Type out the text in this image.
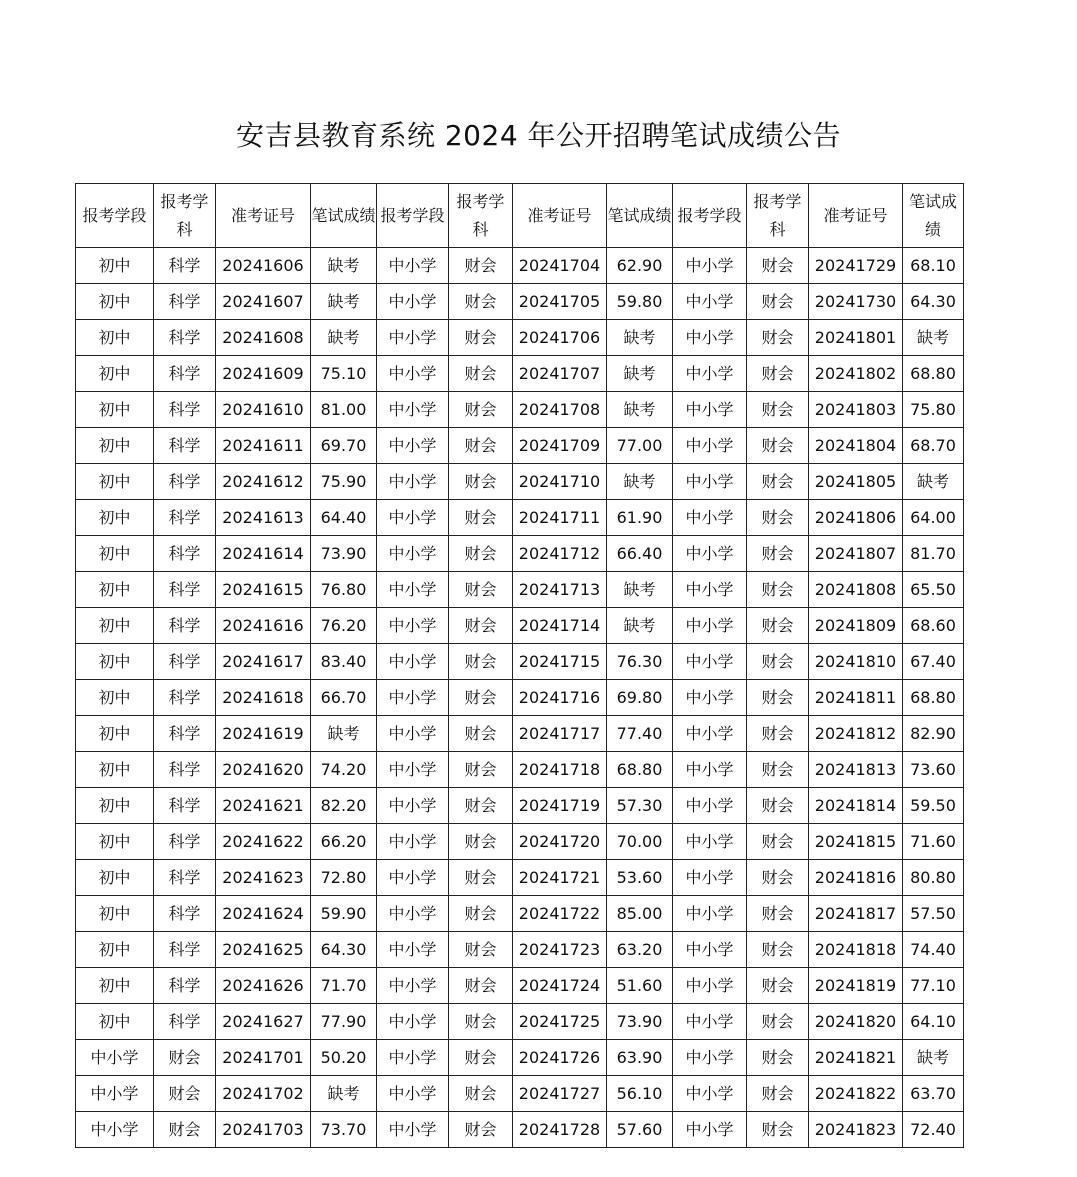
安吉县教育系统 2024 年公开招聘笔试成绩公告
报考学段	报考学科	准考证号	笔试成绩	报考学段	报考学科	准考证号	笔试成绩	报考学段	报考学科	准考证号	笔试成绩
初中	科学	20241606	缺考	中小学	财会	20241704	62.90	中小学	财会	20241729	68.10
初中	科学	20241607	缺考	中小学	财会	20241705	59.80	中小学	财会	20241730	64.30
初中	科学	20241608	缺考	中小学	财会	20241706	缺考	中小学	财会	20241801	缺考
初中	科学	20241609	75.10	中小学	财会	20241707	缺考	中小学	财会	20241802	68.80
初中	科学	20241610	81.00	中小学	财会	20241708	缺考	中小学	财会	20241803	75.80
初中	科学	20241611	69.70	中小学	财会	20241709	77.00	中小学	财会	20241804	68.70
初中	科学	20241612	75.90	中小学	财会	20241710	缺考	中小学	财会	20241805	缺考
初中	科学	20241613	64.40	中小学	财会	20241711	61.90	中小学	财会	20241806	64.00
初中	科学	20241614	73.90	中小学	财会	20241712	66.40	中小学	财会	20241807	81.70
初中	科学	20241615	76.80	中小学	财会	20241713	缺考	中小学	财会	20241808	65.50
初中	科学	20241616	76.20	中小学	财会	20241714	缺考	中小学	财会	20241809	68.60
初中	科学	20241617	83.40	中小学	财会	20241715	76.30	中小学	财会	20241810	67.40
初中	科学	20241618	66.70	中小学	财会	20241716	69.80	中小学	财会	20241811	68.80
初中	科学	20241619	缺考	中小学	财会	20241717	77.40	中小学	财会	20241812	82.90
初中	科学	20241620	74.20	中小学	财会	20241718	68.80	中小学	财会	20241813	73.60
初中	科学	20241621	82.20	中小学	财会	20241719	57.30	中小学	财会	20241814	59.50
初中	科学	20241622	66.20	中小学	财会	20241720	70.00	中小学	财会	20241815	71.60
初中	科学	20241623	72.80	中小学	财会	20241721	53.60	中小学	财会	20241816	80.80
初中	科学	20241624	59.90	中小学	财会	20241722	85.00	中小学	财会	20241817	57.50
初中	科学	20241625	64.30	中小学	财会	20241723	63.20	中小学	财会	20241818	74.40
初中	科学	20241626	71.70	中小学	财会	20241724	51.60	中小学	财会	20241819	77.10
初中	科学	20241627	77.90	中小学	财会	20241725	73.90	中小学	财会	20241820	64.10
中小学	财会	20241701	50.20	中小学	财会	20241726	63.90	中小学	财会	20241821	缺考
中小学	财会	20241702	缺考	中小学	财会	20241727	56.10	中小学	财会	20241822	63.70
中小学	财会	20241703	73.70	中小学	财会	20241728	57.60	中小学	财会	20241823	72.40
